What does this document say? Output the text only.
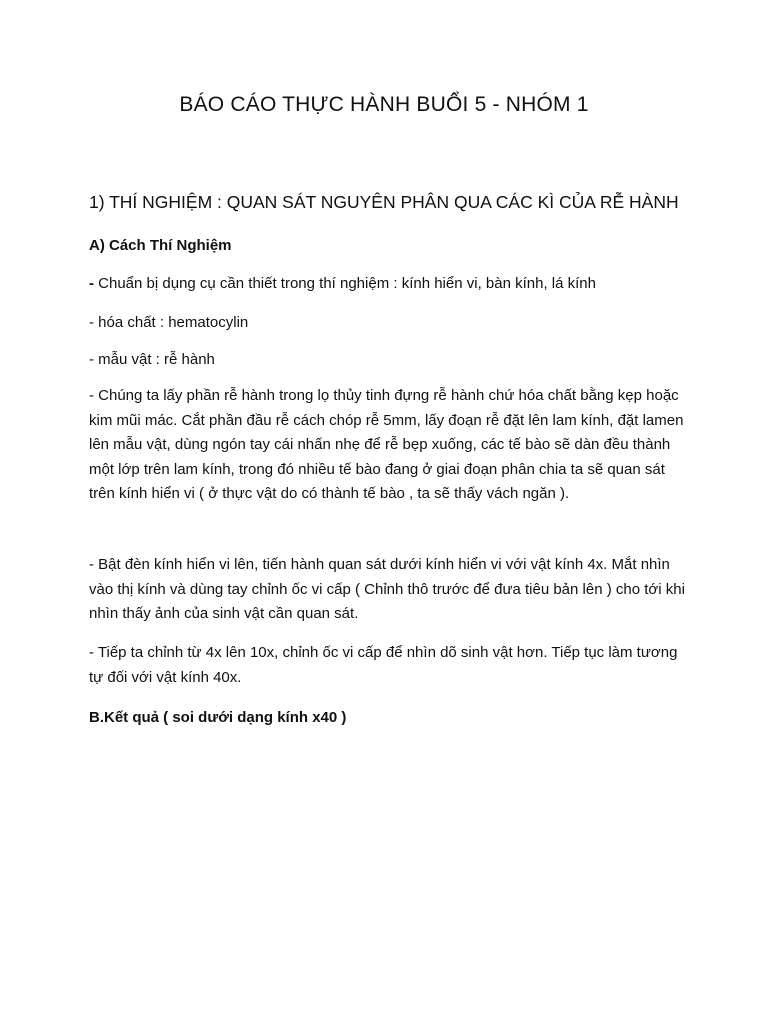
BÁO CÁO THỰC HÀNH BUỔI 5 - NHÓM 1
1) THÍ NGHIỆM : QUAN SÁT NGUYÊN PHÂN QUA CÁC KÌ CỦA RỄ HÀNH
A) Cách Thí Nghiệm

- Chuẩn bị dụng cụ cần thiết trong thí nghiệm : kính hiển vi, bàn kính, lá kính

- hóa chất : hematocylin

- mẫu vật : rễ hành

- Chúng ta lấy phần rễ hành trong lọ thủy tinh đựng rễ hành chứ hóa chất bằng kẹp hoặc kim mũi mác. Cắt phần đầu rễ cách chóp rễ 5mm, lấy đoạn rễ đặt lên lam kính, đặt lamen lên mẫu vật, dùng ngón tay cái nhấn nhẹ để rễ bẹp xuống, các tế bào sẽ dàn đều thành một lớp trên lam kính, trong đó nhiều tế bào đang ở giai đoạn phân chia ta sẽ quan sát trên kính hiển vi ( ở thực vật do có thành tế bào , ta sẽ thấy vách ngăn ).

- Bật đèn kính hiển vi lên, tiến hành quan sát dưới kính hiển vi với vật kính 4x. Mắt nhìn vào thị kính và dùng tay chỉnh ốc vi cấp ( Chỉnh thô trước để đưa tiêu bản lên ) cho tới khi nhìn thấy ảnh của sinh vật cần quan sát.

- Tiếp ta chỉnh từ 4x lên 10x, chỉnh ốc vi cấp để nhìn dõ sinh vật hơn. Tiếp tục làm tương tự đối với vật kính 40x.

B.Kết quả ( soi dưới dạng kính x40 )
